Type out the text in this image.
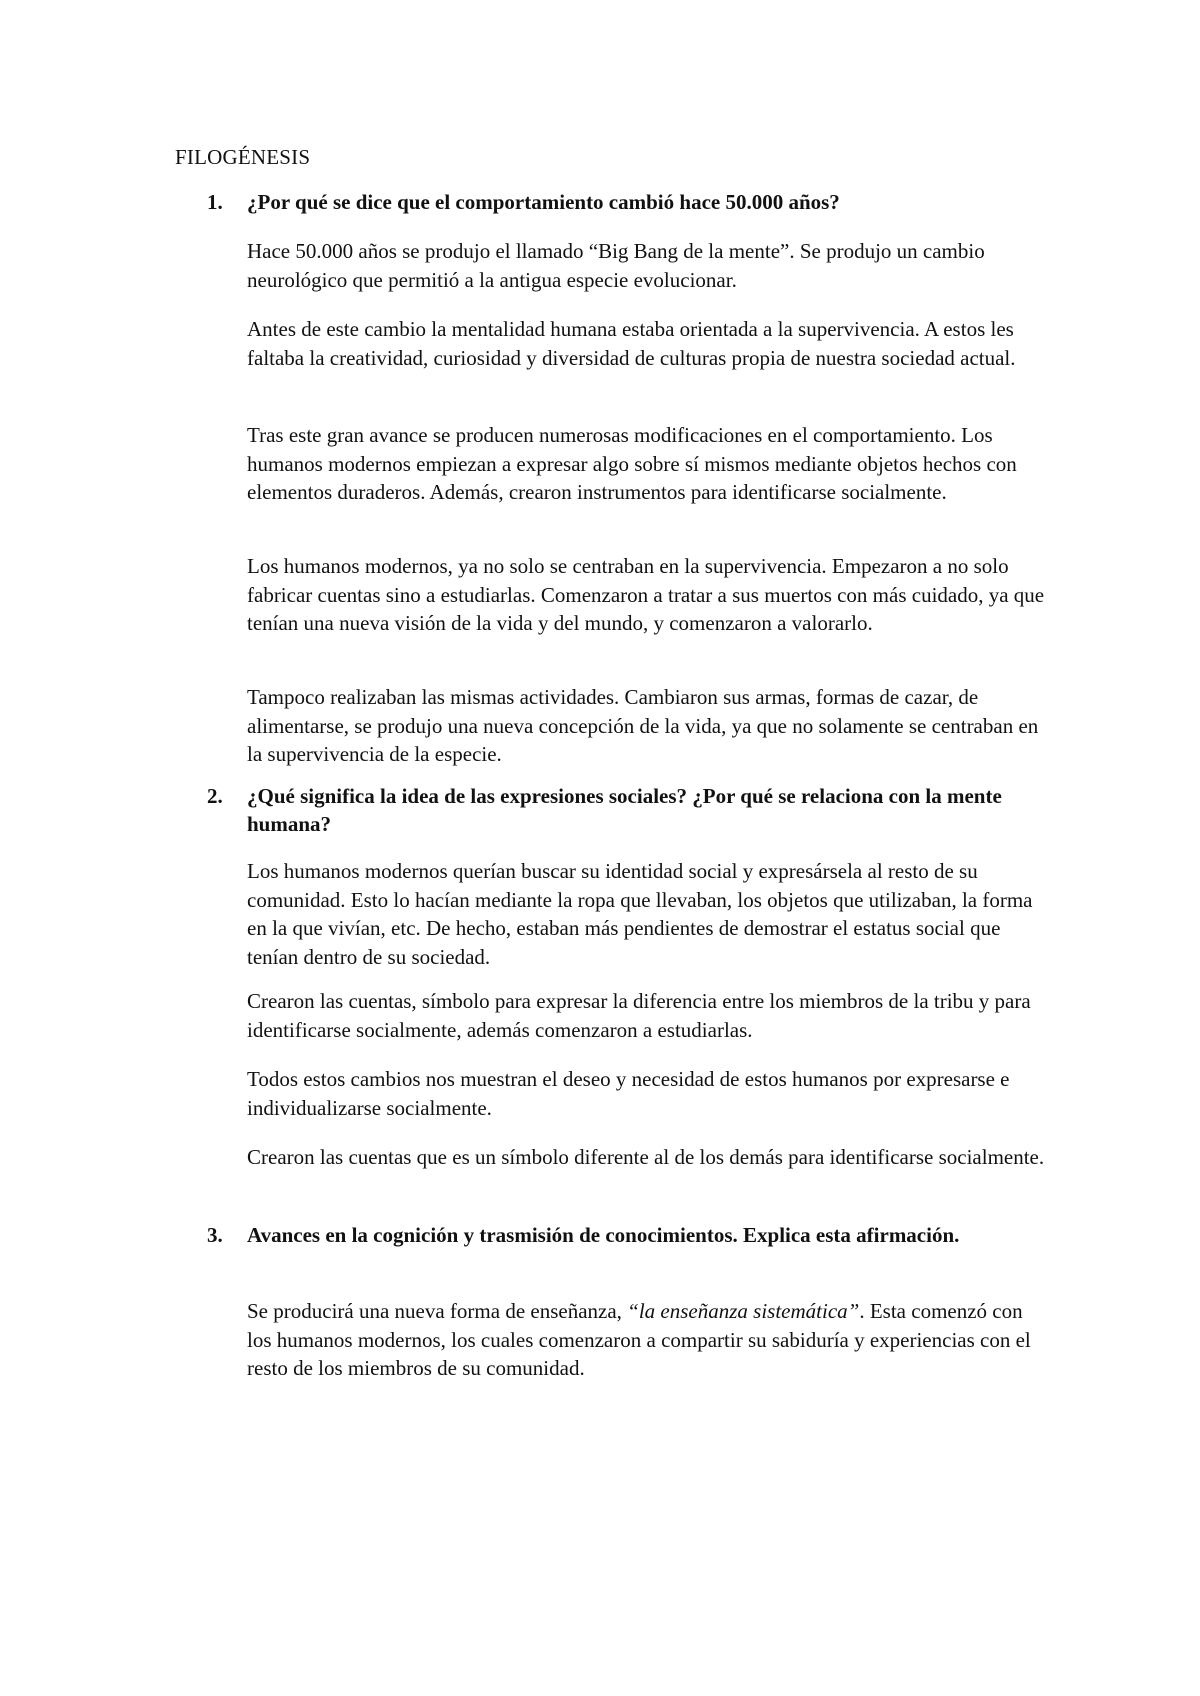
FILOGÉNESIS
1. ¿Por qué se dice que el comportamiento cambió hace 50.000 años?

Hace 50.000 años se produjo el llamado “Big Bang de la mente”. Se produjo un cambio neurológico que permitió a la antigua especie evolucionar.

Antes de este cambio la mentalidad humana estaba orientada a la supervivencia. A estos les faltaba la creatividad, curiosidad y diversidad de culturas propia de nuestra sociedad actual.

Tras este gran avance se producen numerosas modificaciones en el comportamiento. Los humanos modernos empiezan a expresar algo sobre sí mismos mediante objetos hechos con elementos duraderos. Además, crearon instrumentos para identificarse socialmente.

Los humanos modernos, ya no solo se centraban en la supervivencia. Empezaron a no solo fabricar cuentas sino a estudiarlas. Comenzaron a tratar a sus muertos con más cuidado, ya que tenían una nueva visión de la vida y del mundo, y comenzaron a valorarlo.

Tampoco realizaban las mismas actividades. Cambiaron sus armas, formas de cazar, de alimentarse, se produjo una nueva concepción de la vida, ya que no solamente se centraban en la supervivencia de la especie.

2. ¿Qué significa la idea de las expresiones sociales? ¿Por qué se relaciona con la mente humana?

Los humanos modernos querían buscar su identidad social y expresársela al resto de su comunidad. Esto lo hacían mediante la ropa que llevaban, los objetos que utilizaban, la forma en la que vivían, etc. De hecho, estaban más pendientes de demostrar el estatus social que tenían dentro de su sociedad.

Crearon las cuentas, símbolo para expresar la diferencia entre los miembros de la tribu y para identificarse socialmente, además comenzaron a estudiarlas.

Todos estos cambios nos muestran el deseo y necesidad de estos humanos por expresarse e individualizarse socialmente.

Crearon las cuentas que es un símbolo diferente al de los demás para identificarse socialmente.

3. Avances en la cognición y trasmisión de conocimientos. Explica esta afirmación.

Se producirá una nueva forma de enseñanza, “la enseñanza sistemática”. Esta comenzó con los humanos modernos, los cuales comenzaron a compartir su sabiduría y experiencias con el resto de los miembros de su comunidad.
